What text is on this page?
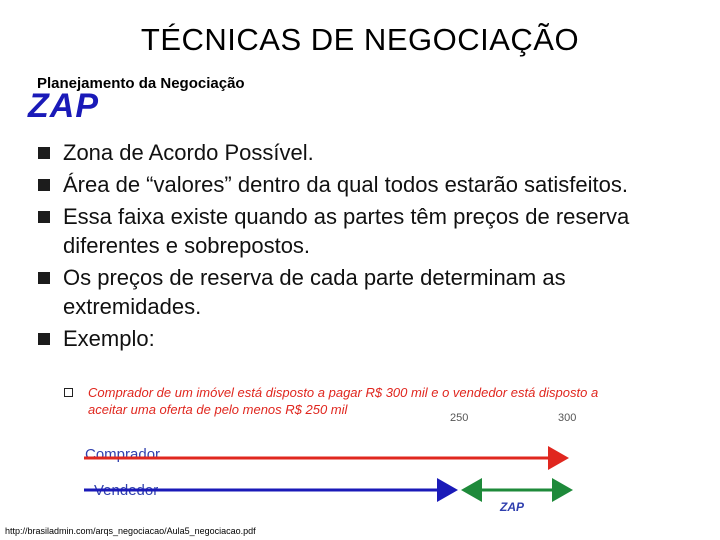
TÉCNICAS DE NEGOCIAÇÃO
Planejamento da Negociação
ZAP
Zona de Acordo Possível.
Área de “valores” dentro da qual todos estarão satisfeitos.
Essa faixa existe quando as partes têm preços de reserva diferentes e sobrepostos.
Os preços de reserva de cada parte determinam as extremidades.
Exemplo:
Comprador de um imóvel está disposto a pagar R$ 300 mil e o vendedor está disposto a aceitar uma oferta de pelo menos R$ 250 mil
250	300
Comprador
Vendedor
ZAP
http://brasiladmin.com/arqs_negociacao/Aula5_negociacao.pdf
